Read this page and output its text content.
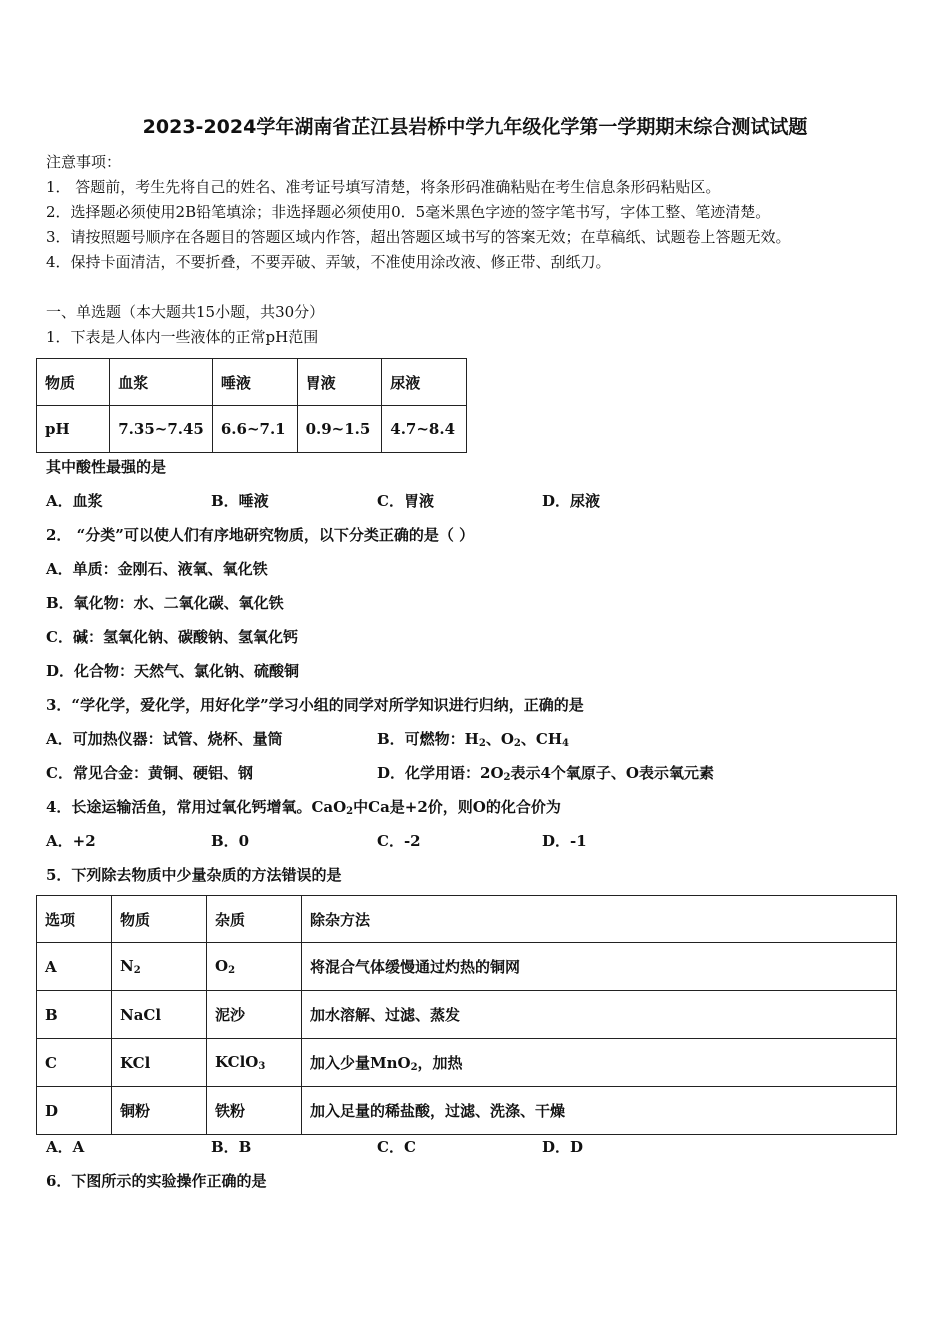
2023-2024学年湖南省芷江县岩桥中学九年级化学第一学期期末综合测试试题
注意事项：
1． 答题前，考生先将自己的姓名、准考证号填写清楚，将条形码准确粘贴在考生信息条形码粘贴区。
2．选择题必须使用2B铅笔填涂；非选择题必须使用0．5毫米黑色字迹的签字笔书写，字体工整、笔迹清楚。
3．请按照题号顺序在各题目的答题区域内作答，超出答题区域书写的答案无效；在草稿纸、试题卷上答题无效。
4．保持卡面清洁，不要折叠，不要弄破、弄皱，不准使用涂改液、修正带、刮纸刀。
一、单选题（本大题共15小题，共30分）
1．下表是人体内一些液体的正常pH范围
物质	血浆	唾液	胃液	尿液
pH	7.35~7.45	6.6~7.1	0.9~1.5	4.7~8.4
其中酸性最强的是
A．血浆	B．唾液	C．胃液	D．尿液
2． “分类”可以使人们有序地研究物质，以下分类正确的是（ ）
A．单质：金刚石、液氧、氧化铁
B．氧化物：水、二氧化碳、氧化铁
C．碱：氢氧化钠、碳酸钠、氢氧化钙
D．化合物：天然气、氯化钠、硫酸铜
3．“学化学，爱化学，用好化学”学习小组的同学对所学知识进行归纳，正确的是
A．可加热仪器：试管、烧杯、量筒	B．可燃物：$H_2$、$O_2$、$CH_4$
C．常见合金：黄铜、硬铝、钢	D．化学用语：$2O_2$表示4个氧原子、O表示氧元素
4．长途运输活鱼，常用过氧化钙增氧。CaO$_2$中Ca是+2价，则O的化合价为
A．+2	B．0	C．-2	D．-1
5．下列除去物质中少量杂质的方法错误的是
选项	物质	杂质	除杂方法
A	$N_2$	$O_2$	将混合气体缓慢通过灼热的铜网
B	NaCl	泥沙	加水溶解、过滤、蒸发
C	KCl	KClO$_3$	加入少量MnO$_2$，加热
D	铜粉	铁粉	加入足量的稀盐酸，过滤、洗涤、干燥
A．A	B．B	C．C	D．D
6．下图所示的实验操作正确的是
